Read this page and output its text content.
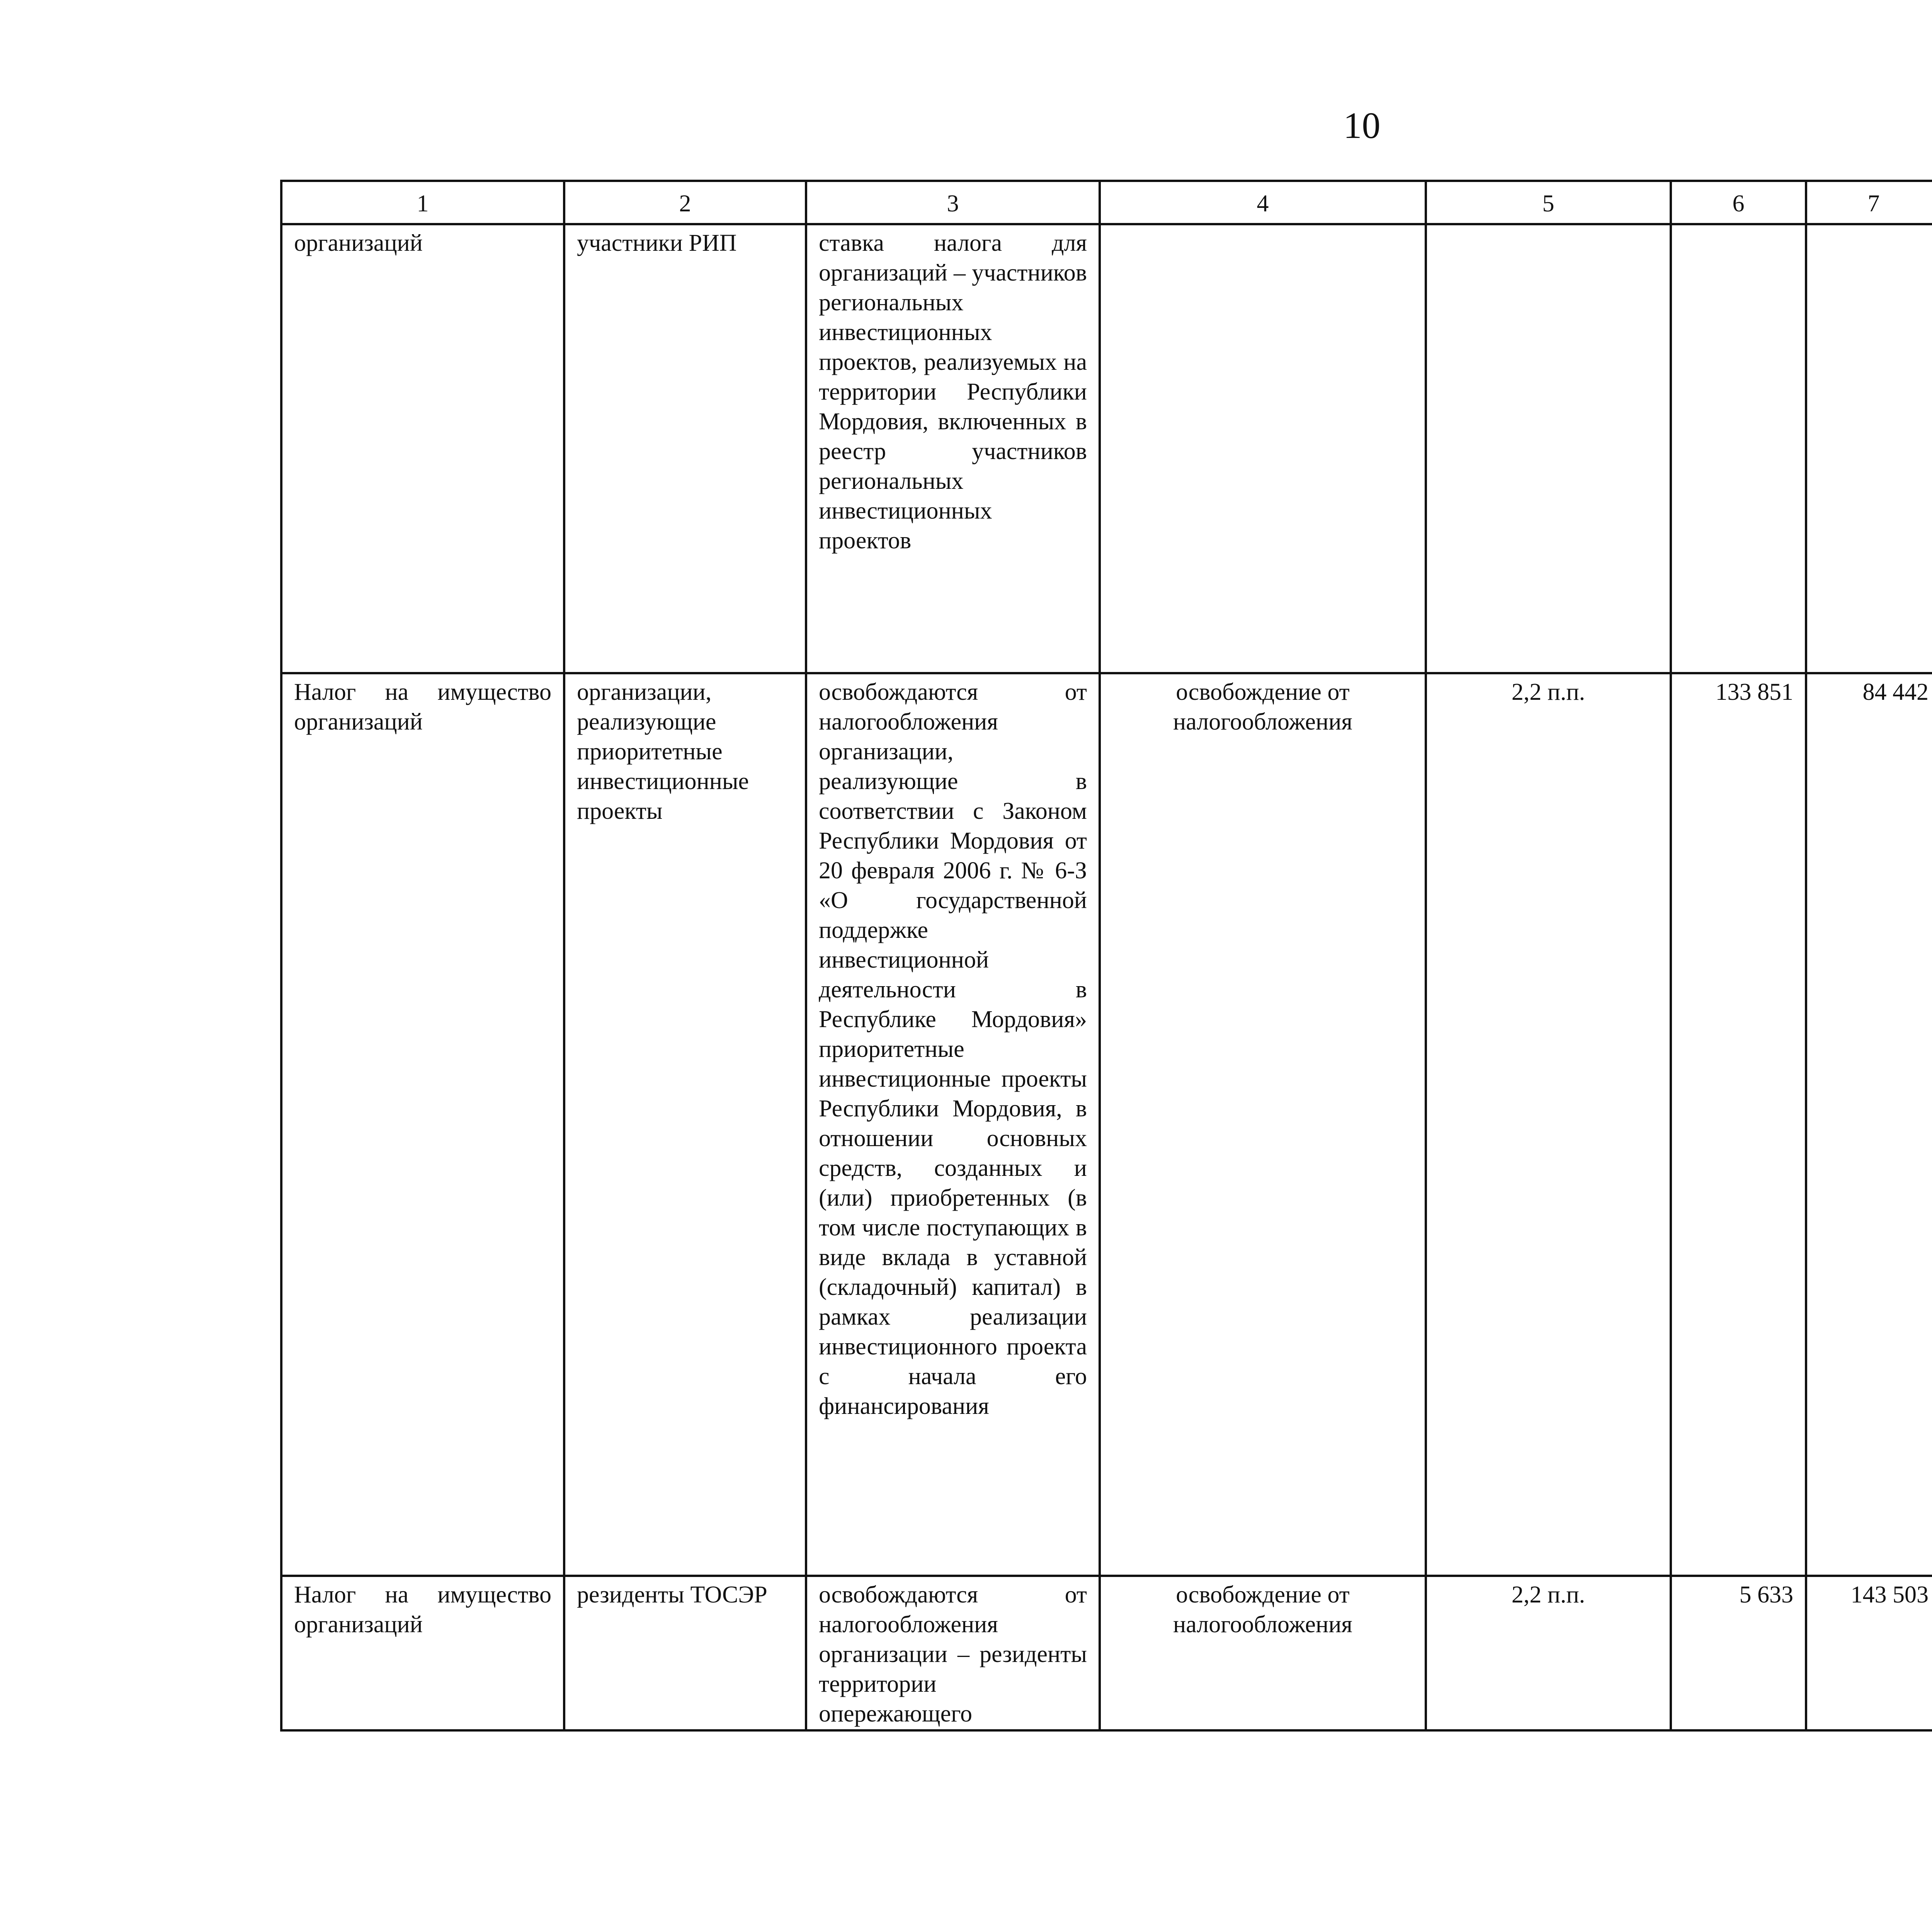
10
1	2	3	4	5	6	7					
организаций	участники РИП	ставка налога для организаций – участников региональных инвестиционных проектов, реализуемых на территории Республики Мордовия, включенных в реестр участников региональных инвестиционных проектов									
Налог на имущество организаций	организации, реализующие приоритетные инвестиционные проекты	освобождаются от налогообложения организации, реализующие в соответствии с Законом Республики Мордовия от 20 февраля 2006 г. № 6-З «О государственной поддержке инвестиционной деятельности в Республике Мордовия» приоритетные инвестиционные проекты Республики Мордовия, в отношении основных средств, созданных и (или) приобретенных (в том числе поступающих в виде вклада в уставной (складочный) капитал) в рамках реализации инвестиционного проекта с начала его финансирования	освобождение от налогообложения	2,2 п.п.	133 851	84 442					
Налог на имущество организаций	резиденты ТОСЭР	освобождаются от налогообложения организации – резиденты территории опережающего	освобождение от налогообложения	2,2 п.п.	5 633	143 503					
